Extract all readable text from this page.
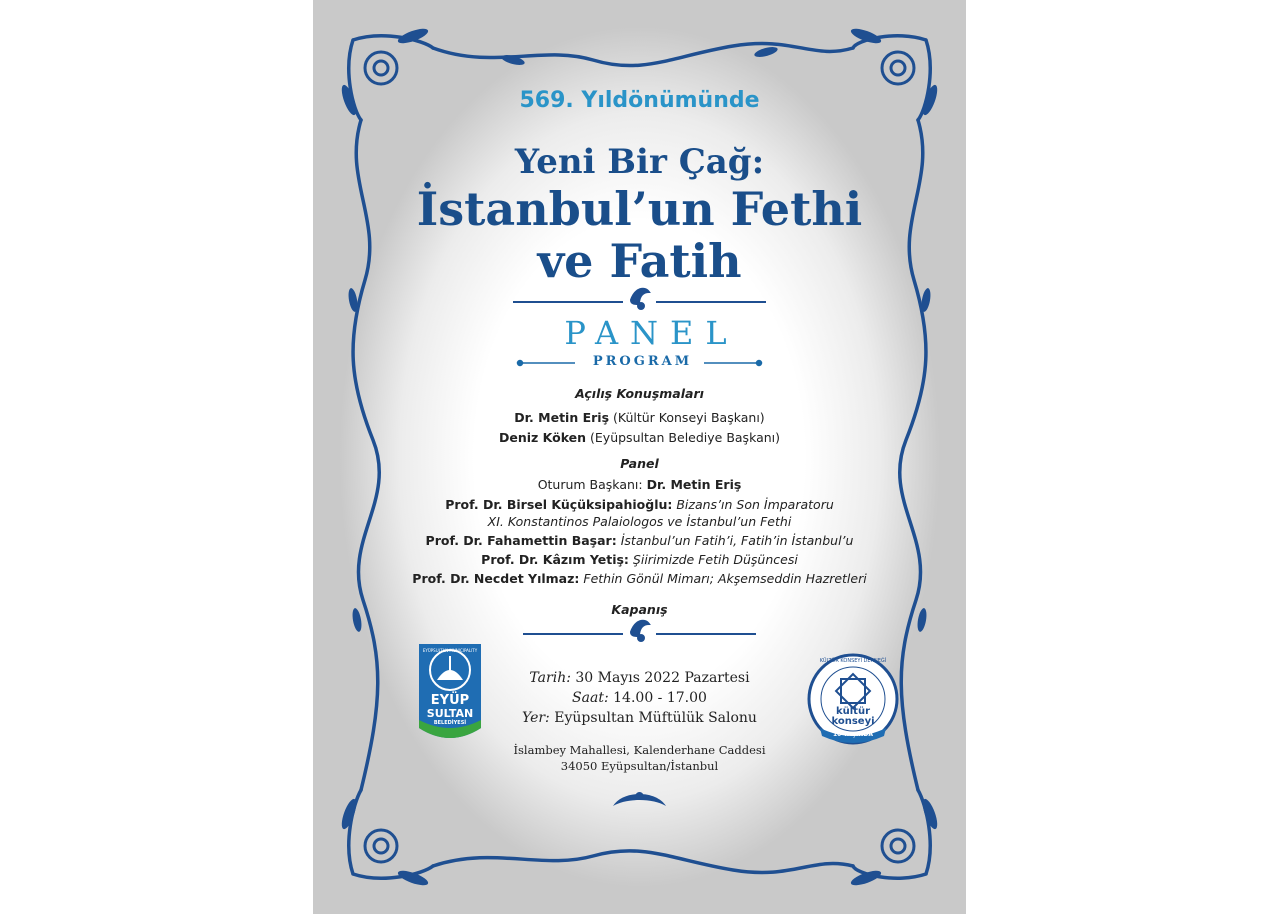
569. Yıldönümünde
Yeni Bir Çağ:
İstanbul’un Fethi
ve Fatih
PANEL
PROGRAM
Açılış Konuşmaları
Dr. Metin Eriş (Kültür Konseyi Başkanı)
Deniz Köken (Eyüpsultan Belediye Başkanı)
Panel
Oturum Başkanı: Dr. Metin Eriş
Prof. Dr. Birsel Küçüksipahioğlu: Bizans’ın Son İmparatoru
XI. Konstantinos Palaiologos ve İstanbul’un Fethi
Prof. Dr. Fahamettin Başar: İstanbul’un Fatih’i, Fatih’in İstanbul’u
Prof. Dr. Kâzım Yetiş: Şiirimizde Fetih Düşüncesi
Prof. Dr. Necdet Yılmaz: Fethin Gönül Mimarı; Akşemseddin Hazretleri
Kapanış
Tarih: 30 Mayıs 2022 Pazartesi
Saat: 14.00 - 17.00
Yer: Eyüpsultan Müftülük Salonu
İslambey Mahallesi, Kalenderhane Caddesi
34050 Eyüpsultan/İstanbul
EYÜP
SULTAN
BELEDİYESİ
EYÜPSULTAN MUNICIPALITY
kültür
konseyi
10 YAŞINDA
KÜLTÜR KONSEYİ DERNEĞİ
